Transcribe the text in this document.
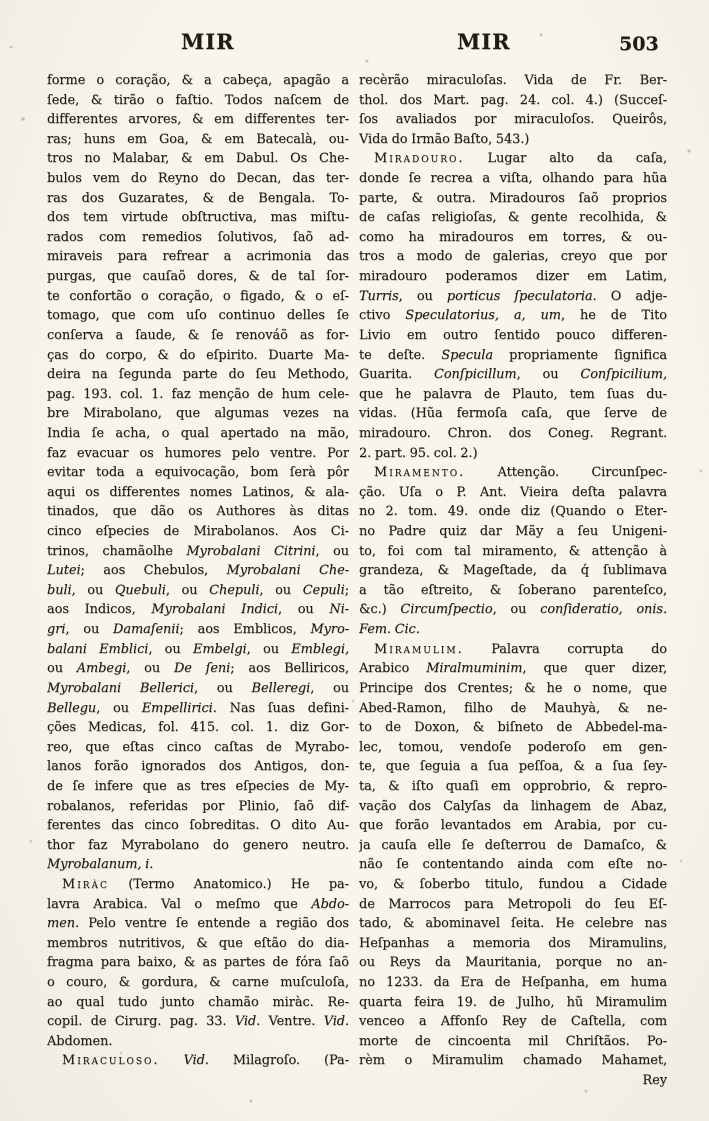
MIR	MIR	503
forme o coração, & a cabeça, apagão a
ſede, & tirão o faſtio. Todos naſcem de
differentes arvores, & em differentes ter-
ras; huns em Goa, & em Batecalà, ou-
tros no Malabar, & em Dabul. Os Che-
bulos vem do Reyno do Decan, das ter-
ras dos Guzarates, & de Bengala. To-
dos tem virtude obſtructiva, mas miſtu-
rados com remedios ſolutivos, ſaõ ad-
miraveis para refrear a acrimonia das
purgas, que cauſaõ dores, & de tal ſor-
te confortão o coração, o figado, & o eſ-
tomago, que com uſo continuo delles ſe
conſerva a ſaude, & ſe renováõ as for-
ças do corpo, & do eſpirito. Duarte Ma-
deira na ſegunda parte do ſeu Methodo,
pag. 193. col. 1. faz menção de hum cele-
bre Mirabolano, que algumas vezes na
India ſe acha, o qual apertado na mão,
faz evacuar os humores pelo ventre. Por
evitar toda a equivocação, bom ſerà pôr
aqui os differentes nomes Latinos, & ala-
tinados, que dão os Authores às ditas
cinco eſpecies de Mirabolanos. Aos Ci-
trinos, chamãolhe Myrobalani Citrini, ou
Lutei; aos Chebulos, Myrobalani Che-
buli, ou Quebuli, ou Chepuli, ou Cepuli;
aos Indicos, Myrobalani Indici, ou Ni-
gri, ou Damaſenii; aos Emblicos, Myro-
balani Emblici, ou Embelgi, ou Emblegi,
ou Ambegi, ou De ſeni; aos Belliricos,
Myrobalani Bellerici, ou Belleregi, ou
Bellegu, ou Empellirici. Nas ſuas defini-
ções Medicas, fol. 415. col. 1. diz Gor-
reo, que eſtas cinco caſtas de Myrabo-
lanos forão ignorados dos Antigos, don-
de ſe infere que as tres eſpecies de My-
robalanos, referidas por Plinio, ſaõ dif-
ferentes das cinco ſobreditas. O dito Au-
thor faz Myrabolano do genero neutro.
Myrobalanum, i.
Miràc (Termo Anatomico.) He pa-
lavra Arabica. Val o meſmo que Abdo-
men. Pelo ventre ſe entende a região dos
membros nutritivos, & que eſtão do dia-
fragma para baixo, & as partes de fóra ſaõ
o couro, & gordura, & carne muſculoſa,
ao qual tudo junto chamão miràc. Re-
copil. de Cirurg. pag. 33. Vid. Ventre. Vid.
Abdomen.
Miraculoso. Vid. Milagroſo. (Pa-
recèrão miraculoſas. Vida de Fr. Ber-
thol. dos Mart. pag. 24. col. 4.) (Succeſ-
ſos avaliados por miraculoſos. Queirôs,
Vida do Irmão Baſto, 543.)
Miradouro. Lugar alto da caſa,
donde ſe recrea a viſta, olhando para hũa
parte, & outra. Miradouros ſaõ proprios
de caſas religioſas, & gente recolhida, &
como ha miradouros em torres, & ou-
tros a modo de galerias, creyo que por
miradouro poderamos dizer em Latim,
Turris, ou porticus ſpeculatoria. O adje-
ctivo Speculatorius, a, um, he de Tito
Livio em outro ſentido pouco differen-
te deſte. Specula propriamente ſignifica
Guarita. Conſpicillum, ou Conſpicilium,
que he palavra de Plauto, tem ſuas du-
vidas. (Hũa fermoſa caſa, que ſerve de
miradouro. Chron. dos Coneg. Regrant.
2. part. 95. col. 2.)
Miramento. Attenção. Circunſpec-
ção. Uſa o P. Ant. Vieira deſta palavra
no 2. tom. 49. onde diz (Quando o Eter-
no Padre quiz dar Mãy a ſeu Unigeni-
to, foi com tal miramento, & attenção à
grandeza, & Mageſtade, da q́ ſublimava
a tão eſtreito, & ſoberano parenteſco,
&c.) Circumſpectio, ou conſideratio, onis.
Fem. Cic.
Miramulim. Palavra corrupta do
Arabico Miralmuminim, que quer dizer,
Principe dos Crentes; & he o nome, que
Abed-Ramon, filho de Mauhyà, & ne-
to de Doxon, & biſneto de Abbedel-ma-
lec, tomou, vendoſe poderoſo em gen-
te, que ſeguia a ſua peſſoa, & a ſua ſey-
ta, & iſto quaſi em opprobrio, & repro-
vação dos Calyſas da linhagem de Abaz,
que forão levantados em Arabia, por cu-
ja cauſa elle ſe deſterrou de Damaſco, &
não ſe contentando ainda com eſte no-
vo, & ſoberbo titulo, fundou a Cidade
de Marrocos para Metropoli do ſeu Eſ-
tado, & abominavel ſeita. He celebre nas
Heſpanhas a memoria dos Miramulins,
ou Reys da Mauritania, porque no an-
no 1233. da Era de Heſpanha, em huma
quarta feira 19. de Julho, hũ Miramulim
venceo a Affonſo Rey de Caſtella, com
morte de cincoenta mil Chriſtãos. Po-
rèm o Miramulim chamado Mahamet,
Rey
